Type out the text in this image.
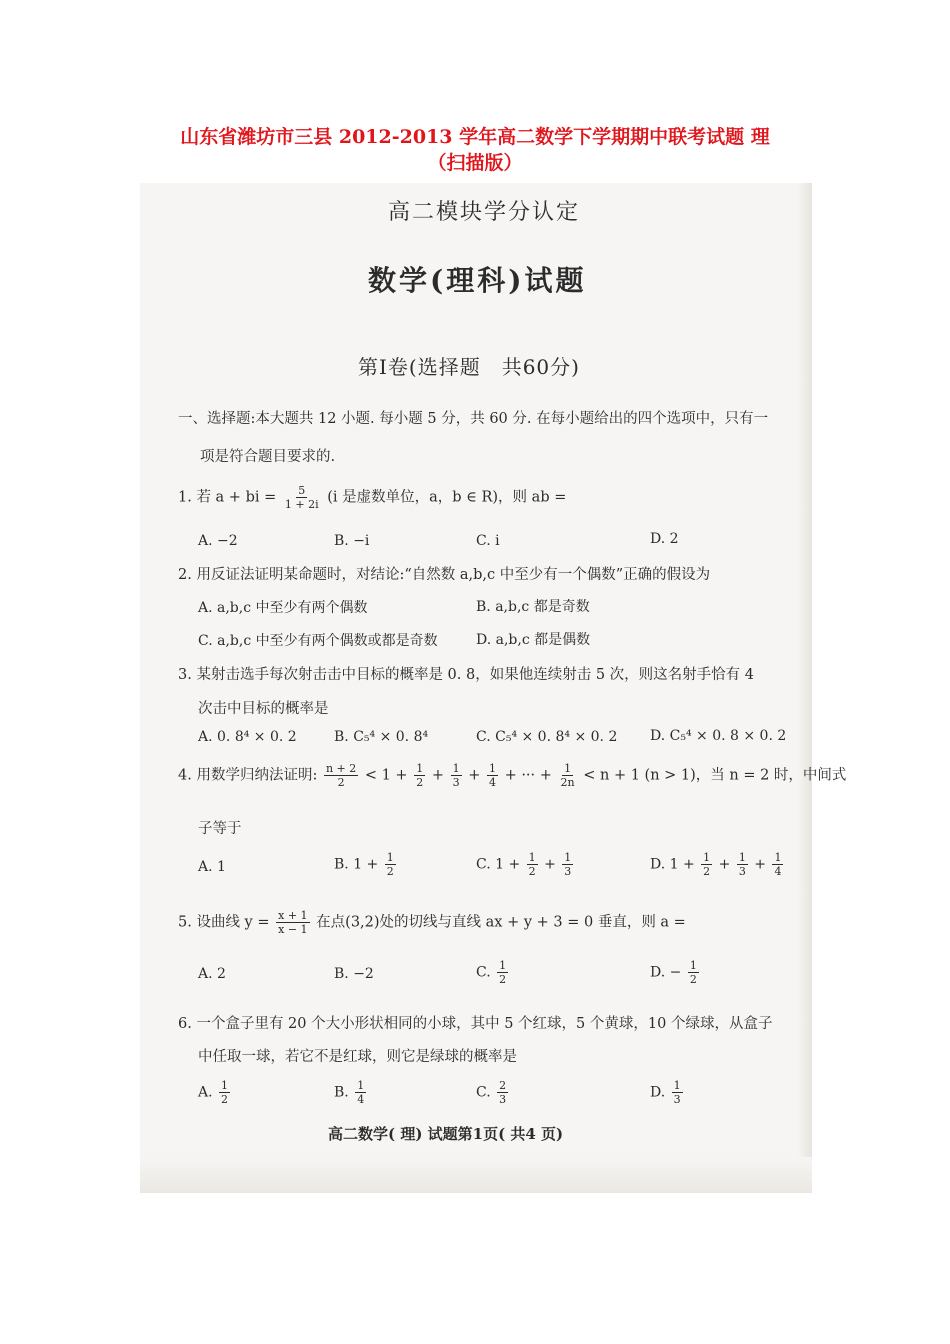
山东省潍坊市三县 2012-2013 学年高二数学下学期期中联考试题 理
（扫描版）
高二模块学分认定
数学(理科)试题
第Ⅰ卷(选择题　共60分)
一、选择题:本大题共 12 小题. 每小题 5 分，共 60 分. 在每小题给出的四个选项中，只有一
项是符合题目要求的.
1. 若 a + bi = $\frac{5}{1 + 2i} (i$ 是虚数单位，a，b ∈ R)，则 ab =
A. −2	B. −i	C. i	D. 2
2. 用反证法证明某命题时，对结论:“自然数 a,b,c 中至少有一个偶数”正确的假设为
A. a,b,c 中至少有两个偶数	B. a,b,c 都是奇数
C. a,b,c 中至少有两个偶数或都是奇数	D. a,b,c 都是偶数
3. 某射击选手每次射击击中目标的概率是 0. 8，如果他连续射击 5 次，则这名射手恰有 4
次击中目标的概率是
A. 0. 8⁴ × 0. 2	B. C₅⁴ × 0. 8⁴	C. C₅⁴ × 0. 8⁴ × 0. 2 D. C₅⁴ × 0. 8 × 0. 2
4. 用数学归纳法证明: $\frac{n + 2}{2} < 1 + \frac{1}{2} + \frac{1}{3} + \frac{1}{4}$ + ··· + $\frac{1}{2n} < n + 1$ (n > 1)，当 n = 2 时，中间式
子等于
A. 1	B. $1 + \frac{1}{2}$	C. $1 + \frac{1}{2} + \frac{1}{3}$	D. $1 + \frac{1}{2} + \frac{1}{3} + \frac{1}{4}$
5. 设曲线 $y = \frac{x + 1}{x - 1}$ 在点(3,2)处的切线与直线 ax + y + 3 = 0 垂直，则 a =
A. 2	B. −2	C. $\frac{1}{2}$	D. − $\frac{1}{2}$
6. 一个盒子里有 20 个大小形状相同的小球，其中 5 个红球，5 个黄球，10 个绿球，从盒子
中任取一球，若它不是红球，则它是绿球的概率是
A. $\frac{1}{2}$	B. $\frac{1}{4}$	C. $\frac{2}{3}$	D. $\frac{1}{3}$
高二数学( 理) 试题第1页( 共4 页)
